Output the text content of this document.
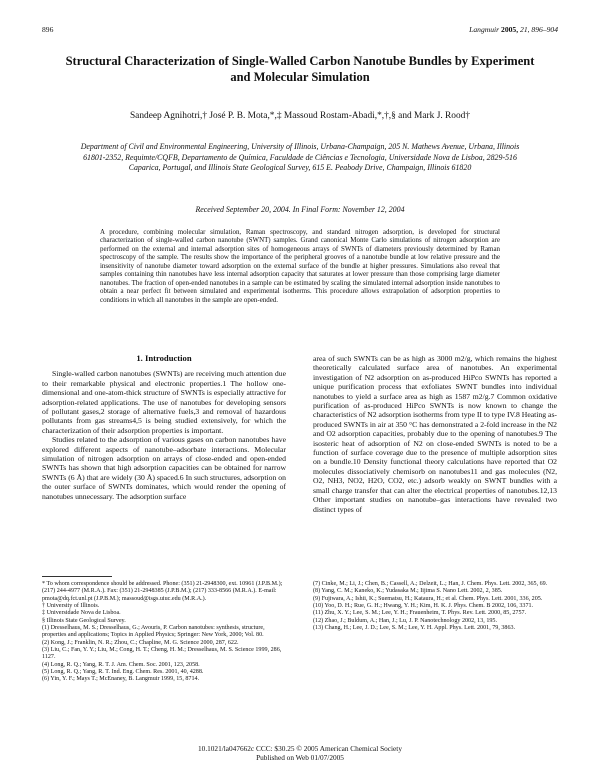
896	Langmuir 2005, 21, 896–904
Structural Characterization of Single-Walled Carbon Nanotube Bundles by Experiment and Molecular Simulation
Sandeep Agnihotri,† José P. B. Mota,*,‡ Massoud Rostam-Abadi,*,†,§ and Mark J. Rood†
Department of Civil and Environmental Engineering, University of Illinois, Urbana-Champaign, 205 N. Mathews Avenue, Urbana, Illinois 61801-2352, Requimte/CQFB, Departamento de Química, Faculdade de Ciências e Tecnologia, Universidade Nova de Lisboa, 2829-516 Caparica, Portugal, and Illinois State Geological Survey, 615 E. Peabody Drive, Champaign, Illinois 61820
Received September 20, 2004. In Final Form: November 12, 2004
A procedure, combining molecular simulation, Raman spectroscopy, and standard nitrogen adsorption, is developed for structural characterization of single-walled carbon nanotube (SWNT) samples. Grand canonical Monte Carlo simulations of nitrogen adsorption are performed on the external and internal adsorption sites of homogeneous arrays of SWNTs of diameters previously determined by Raman spectroscopy of the sample. The results show the importance of the peripheral grooves of a nanotube bundle at low relative pressure and the insensitivity of nanotube diameter toward adsorption on the external surface of the bundle at higher pressures. Simulations also reveal that samples containing thin nanotubes have less internal adsorption capacity that saturates at lower pressure than those comprising large diameter nanotubes. The fraction of open-ended nanotubes in a sample can be estimated by scaling the simulated internal adsorption inside nanotubes to obtain a near perfect fit between simulated and experimental isotherms. This procedure allows extrapolation of adsorption properties to conditions in which all nanotubes in the sample are open-ended.
1. Introduction

Single-walled carbon nanotubes (SWNTs) are receiving much attention due to their remarkable physical and electronic properties.1 The hollow one-dimensional and one-atom-thick structure of SWNTs is especially attractive for adsorption-related applications. The use of nanotubes for developing sensors of pollutant gases,2 storage of alternative fuels,3 and removal of hazardous pollutants from gas streams4,5 is being studied extensively, for which the characterization of their adsorption properties is important.

Studies related to the adsorption of various gases on carbon nanotubes have explored different aspects of nanotube–adsorbate interactions. Molecular simulation of nitrogen adsorption on arrays of close-ended and open-ended SWNTs has shown that high adsorption capacities can be obtained for narrow SWNTs (6 Å) that are widely (30 Å) spaced.6 In such structures, adsorption on the outer surface of SWNTs dominates, which would render the opening of nanotubes unnecessary. The adsorption surface

area of such SWNTs can be as high as 3000 m2/g, which remains the highest theoretically calculated surface area of nanotubes. An experimental investigation of N2 adsorption on as-produced HiPco SWNTs has reported a unique purification process that exfoliates SWNT bundles into individual nanotubes to yield a surface area as high as 1587 m2/g.7 Common oxidative purification of as-produced HiPco SWNTs is now known to change the characteristics of N2 adsorption isotherms from type II to type IV.8 Heating as-produced SWNTs in air at 350 °C has demonstrated a 2-fold increase in the N2 and O2 adsorption capacities, probably due to the opening of nanotubes.9 The isosteric heat of adsorption of N2 on close-ended SWNTs is noted to be a function of surface coverage due to the presence of multiple adsorption sites on a bundle.10 Density functional theory calculations have reported that O2 molecules dissociatively chemisorb on nanotubes11 and gas molecules (N2, O2, NH3, NO2, H2O, CO2, etc.) adsorb weakly on SWNT bundles with a small charge transfer that can alter the electrical properties of nanotubes.12,13 Other important studies on nanotube–gas interactions have revealed two distinct types of

* To whom correspondence should be addressed. Phone: (351) 21-2948300, ext. 10961 (J.P.B.M.); (217) 244-4977 (M.R.A.). Fax: (351) 21-2948385 (J.P.B.M.); (217) 333-8566 (M.R.A.). E-mail: pmota@dq.fct.unl.pt (J.P.B.M.); massoud@isgs.uiuc.edu (M.R.A.).
† University of Illinois.
‡ Universidade Nova de Lisboa.
§ Illinois State Geological Survey.
(1) Dresselhaus, M. S.; Dresselhaus, G.; Avouris, P. Carbon nanotubes: synthesis, structure, properties and applications; Topics in Applied Physics; Springer: New York, 2000; Vol. 80.
(2) Kong, J.; Franklin, N. R.; Zhou, C.; Chapline, M. G. Science 2000, 287, 622.
(3) Liu, C.; Fan, Y. Y.; Liu, M.; Cong, H. T.; Cheng, H. M.; Dresselhaus, M. S. Science 1999, 286, 1127.
(4) Long, R. Q.; Yang, R. T. J. Am. Chem. Soc. 2001, 123, 2058.
(5) Long, R. Q.; Yang, R. T. Ind. Eng. Chem. Res. 2001, 40, 4288.
(6) Yin, Y. F.; Mays T.; McEnaney, B. Langmuir 1999, 15, 8714.
(7) Cinke, M.; Li, J.; Chen, B.; Cassell, A.; Delzeit, L.; Han, J. Chem. Phys. Lett. 2002, 365, 69.
(8) Yang, C. M.; Kaneko, K.; Yudasaka M.; Iijima S. Nano Lett. 2002, 2, 385.
(9) Fujiwara, A.; Ishii, K.; Suematsu, H.; Kataura, H.; et al. Chem. Phys. Lett. 2001, 336, 205.
(10) Yoo, D. H.; Rue, G. H.; Hwang, Y. H.; Kim, H. K. J. Phys. Chem. B 2002, 106, 3371.
(11) Zhu, X. Y.; Lee, S. M.; Lee, Y. H.; Frauenheim, T. Phys. Rev. Lett. 2000, 85, 2757.
(12) Zhao, J.; Buldum, A.; Han, J.; Lu, J. P. Nanotechnology 2002, 13, 195.
(13) Chang, H.; Lee, J. D.; Lee, S. M.; Lee, Y. H. Appl. Phys. Lett. 2001, 79, 3863.
10.1021/la047662c CCC: $30.25 © 2005 American Chemical Society
Published on Web 01/07/2005
